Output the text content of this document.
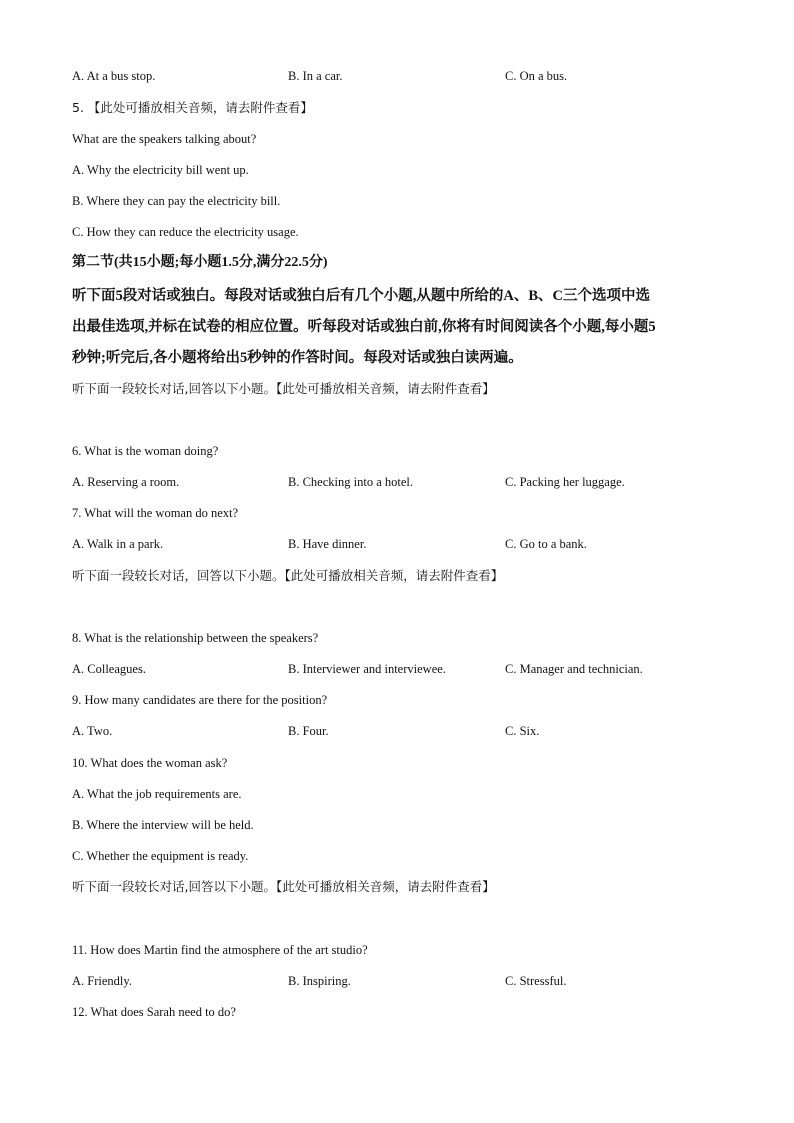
A. At a bus stop.	B. In a car.	C. On a bus.
5. 【此处可播放相关音频，请去附件查看】
What are the speakers talking about?
A. Why the electricity bill went up.
B. Where they can pay the electricity bill.
C. How they can reduce the electricity usage.
第二节(共15小题;每小题1.5分,满分22.5分)
听下面5段对话或独白。每段对话或独白后有几个小题,从题中所给的A、B、C三个选项中选
出最佳选项,并标在试卷的相应位置。听每段对话或独白前,你将有时间阅读各个小题,每小题5
秒钟;听完后,各小题将给出5秒钟的作答时间。每段对话或独白读两遍。
听下面一段较长对话,回答以下小题。【此处可播放相关音频，请去附件查看】
6. What is the woman doing?
A. Reserving a room.	B. Checking into a hotel.	C. Packing her luggage.
7. What will the woman do next?
A. Walk in a park.	B. Have dinner.	C. Go to a bank.
听下面一段较长对话，回答以下小题。【此处可播放相关音频，请去附件查看】
8. What is the relationship between the speakers?
A. Colleagues.	B. Interviewer and interviewee.	C. Manager and technician.
9. How many candidates are there for the position?
A. Two.	B. Four.	C. Six.
10. What does the woman ask?
A. What the job requirements are.
B. Where the interview will be held.
C. Whether the equipment is ready.
听下面一段较长对话,回答以下小题。【此处可播放相关音频，请去附件查看】
11. How does Martin find the atmosphere of the art studio?
A. Friendly.	B. Inspiring.	C. Stressful.
12. What does Sarah need to do?
